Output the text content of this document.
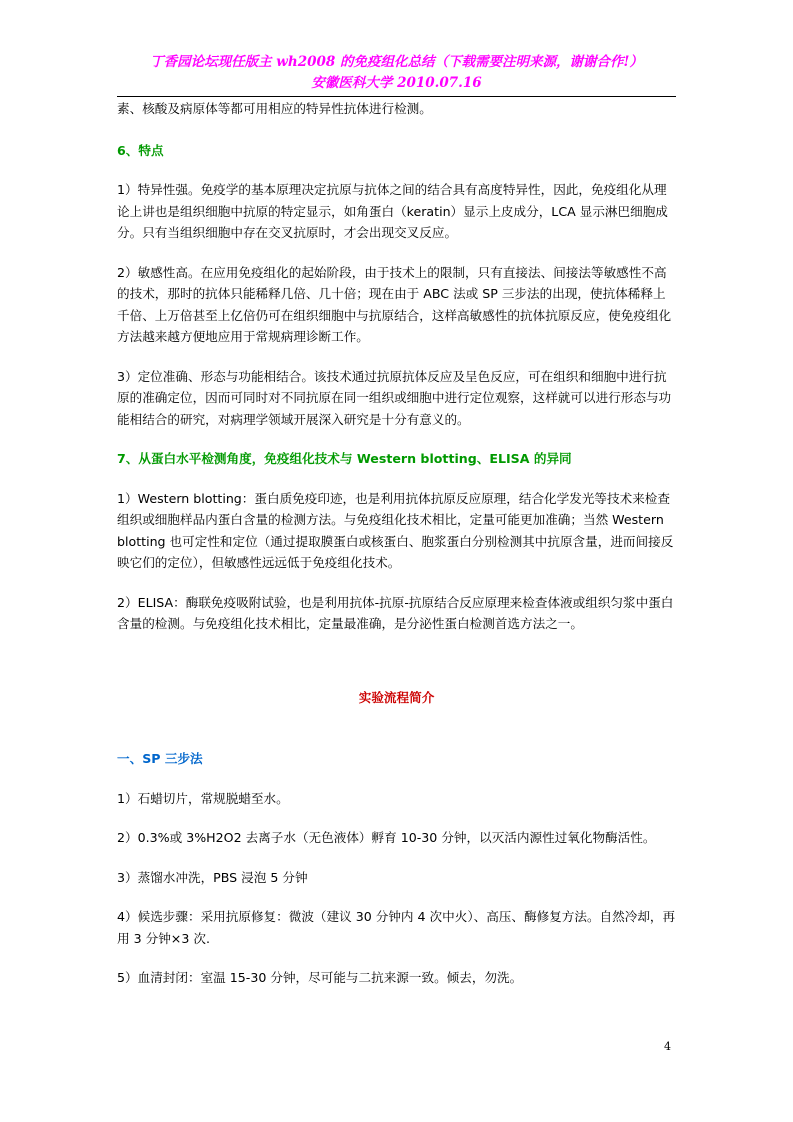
丁香园论坛现任版主 wh2008 的免疫组化总结（下载需要注明来源，谢谢合作!）
安徽医科大学 2010.07.16

素、核酸及病原体等都可用相应的特异性抗体进行检测。

6、特点

1）特异性强。免疫学的基本原理决定抗原与抗体之间的结合具有高度特异性，因此，免疫组化从理论上讲也是组织细胞中抗原的特定显示，如角蛋白（keratin）显示上皮成分，LCA 显示淋巴细胞成分。只有当组织细胞中存在交叉抗原时，才会出现交叉反应。

2）敏感性高。在应用免疫组化的起始阶段，由于技术上的限制，只有直接法、间接法等敏感性不高的技术，那时的抗体只能稀释几倍、几十倍；现在由于 ABC 法或 SP 三步法的出现，使抗体稀释上千倍、上万倍甚至上亿倍仍可在组织细胞中与抗原结合，这样高敏感性的抗体抗原反应，使免疫组化方法越来越方便地应用于常规病理诊断工作。

3）定位准确、形态与功能相结合。该技术通过抗原抗体反应及呈色反应，可在组织和细胞中进行抗原的准确定位，因而可同时对不同抗原在同一组织或细胞中进行定位观察，这样就可以进行形态与功能相结合的研究，对病理学领域开展深入研究是十分有意义的。

7、从蛋白水平检测角度，免疫组化技术与 Western blotting、ELISA 的异同

1）Western blotting：蛋白质免疫印迹，也是利用抗体抗原反应原理，结合化学发光等技术来检查组织或细胞样品内蛋白含量的检测方法。与免疫组化技术相比，定量可能更加准确；当然 Western blotting 也可定性和定位（通过提取膜蛋白或核蛋白、胞浆蛋白分别检测其中抗原含量，进而间接反映它们的定位），但敏感性远远低于免疫组化技术。

2）ELISA：酶联免疫吸附试验，也是利用抗体-抗原-抗原结合反应原理来检查体液或组织匀浆中蛋白含量的检测。与免疫组化技术相比，定量最准确，是分泌性蛋白检测首选方法之一。

实验流程简介

一、SP 三步法

1）石蜡切片，常规脱蜡至水。

2）0.3%或 3%H2O2 去离子水（无色液体）孵育 10-30 分钟，以灭活内源性过氧化物酶活性。

3）蒸馏水冲洗，PBS 浸泡 5 分钟

4）候选步骤：采用抗原修复：微波（建议 30 分钟内 4 次中火）、高压、酶修复方法。自然冷却，再用 3 分钟×3 次.

5）血清封闭：室温 15-30 分钟，尽可能与二抗来源一致。倾去，勿洗。

4
